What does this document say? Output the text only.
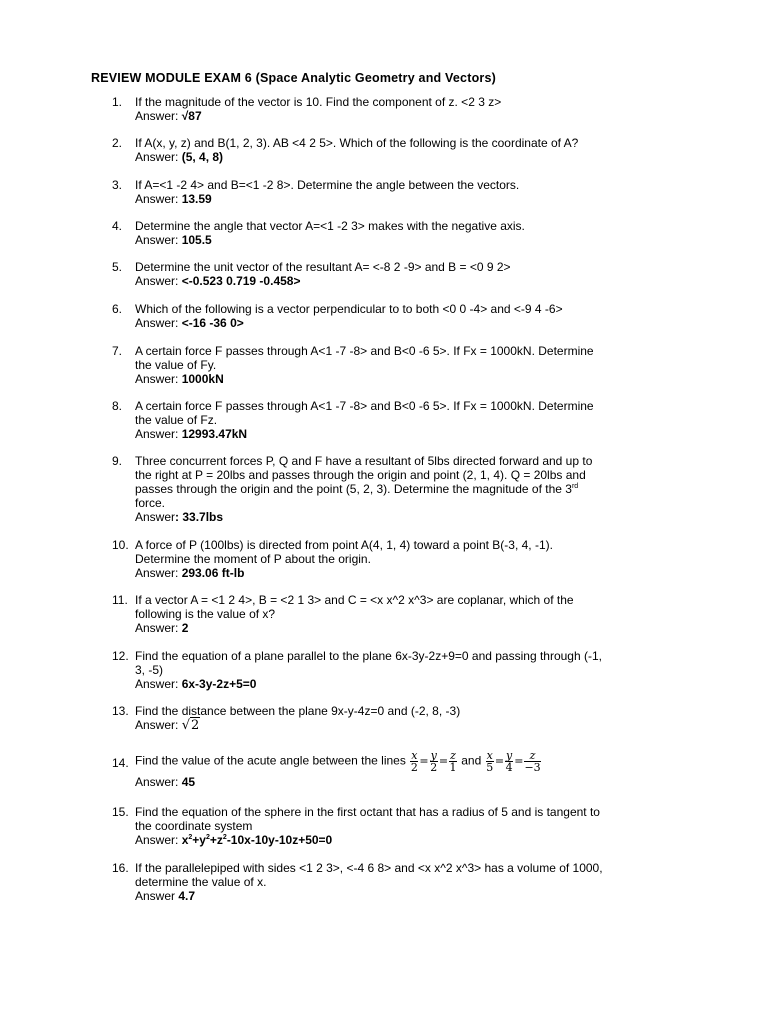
REVIEW MODULE EXAM 6 (Space Analytic Geometry and Vectors)
1.	If the magnitude of the vector is 10. Find the component of z. <2 3 z>
Answer: √87
2.	If A(x, y, z) and B(1, 2, 3). AB <4 2 5>. Which of the following is the coordinate of A?
Answer: (5, 4, 8)
3.	If A=<1 -2 4> and B=<1 -2 8>. Determine the angle between the vectors.
Answer: 13.59
4.	Determine the angle that vector A=<1 -2 3> makes with the negative axis.
Answer: 105.5
5.	Determine the unit vector of the resultant A= <-8 2 -9> and B = <0 9 2>
Answer: <-0.523 0.719 -0.458>
6.	Which of the following is a vector perpendicular to to both <0 0 -4> and <-9 4 -6>
Answer: <-16 -36 0>
7.	A certain force F passes through A<1 -7 -8> and B<0 -6 5>. If Fx = 1000kN. Determine
the value of Fy.
Answer: 1000kN
8.	A certain force F passes through A<1 -7 -8> and B<0 -6 5>. If Fx = 1000kN. Determine
the value of Fz.
Answer: 12993.47kN
9.	Three concurrent forces P, Q and F have a resultant of 5lbs directed forward and up to
the right at P = 20lbs and passes through the origin and point (2, 1, 4). Q = 20lbs and
passes through the origin and the point (5, 2, 3). Determine the magnitude of the 3rd
force.
Answer: 33.7lbs
10. A force of P (100lbs) is directed from point A(4, 1, 4) toward a point B(-3, 4, -1).
Determine the moment of P about the origin.
Answer: 293.06 ft-lb
11. If a vector A = <1 2 4>, B = <2 1 3> and C = <x x^2 x^3> are coplanar, which of the
following is the value of x?
Answer: 2
12. Find the equation of a plane parallel to the plane 6x-3y-2z+9=0 and passing through (-1,
3, -5)
Answer: 6x-3y-2z+5=0
13. Find the distance between the plane 9x-y-4z=0 and (-2, 8, -3)
Answer: √2
14. Find the value of the acute angle between the lines $\frac{x}{2} = \frac{y}{2} = \frac{z}{1}$ and $\frac{x}{5} = \frac{y}{4} = \frac{z}{-3}$
Answer: 45
15. Find the equation of the sphere in the first octant that has a radius of 5 and is tangent to
the coordinate system
Answer: $x^2+y^2+z^2-10x-10y-10z+50=0$
16. If the parallelepiped with sides <1 2 3>, <-4 6 8> and <x x^2 x^3> has a volume of 1000,
determine the value of x.
Answer 4.7
